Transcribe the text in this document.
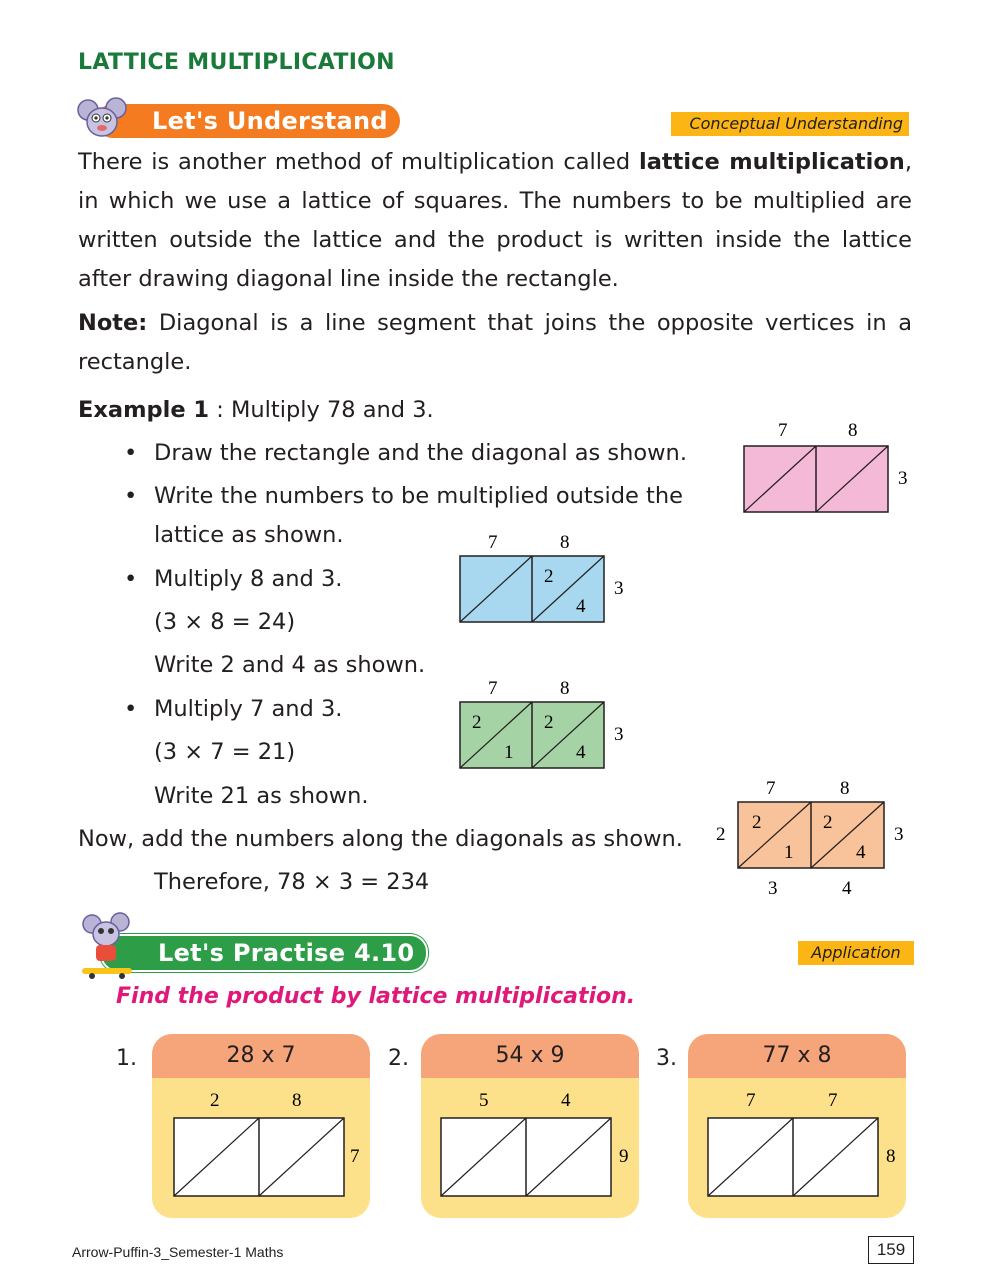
LATTICE MULTIPLICATION
Let's Understand	Conceptual Understanding
There is another method of multiplication called lattice multiplication, in which we use a lattice of squares. The numbers to be multiplied are written outside the lattice and the product is written inside the lattice after drawing diagonal line inside the rectangle.
Note: Diagonal is a line segment that joins the opposite vertices in a rectangle.
Example 1 : Multiply 78 and 3.
• Draw the rectangle and the diagonal as shown.
• Write the numbers to be multiplied outside the
lattice as shown.
• Multiply 8 and 3.
(3 × 8 = 24)
Write 2 and 4 as shown.
• Multiply 7 and 3.
(3 × 7 = 21)
Write 21 as shown.
Now, add the numbers along the diagonals as shown.
Therefore, 78 × 3 = 234
7	8
3
7	8
2
4
3
7	8
2
1
2
4
3
7	8
2
1
2
4
3
2
3	4
Let's Practise 4.10	Application
Find the product by lattice multiplication.
1.	28 x 7
2	8
7
2.	54 x 9
5	4
9
3.	77 x 8
7	7
8
Arrow-Puffin-3_Semester-1 Maths	159
